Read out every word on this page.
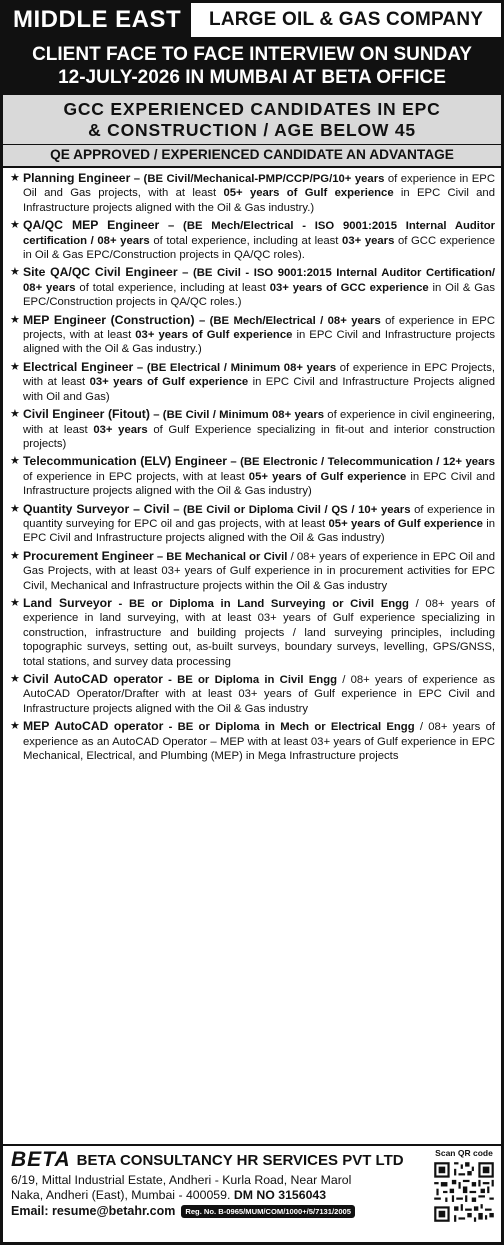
MIDDLE EAST	LARGE OIL & GAS COMPANY
CLIENT FACE TO FACE INTERVIEW ON SUNDAY
12-JULY-2026 IN MUMBAI AT BETA OFFICE
GCC EXPERIENCED CANDIDATES IN EPC
& CONSTRUCTION / AGE BELOW 45
QE APPROVED / EXPERIENCED CANDIDATE AN ADVANTAGE
★ Planning Engineer – (BE Civil/Mechanical-PMP/CCP/PG/10+ years of experience in EPC Oil and Gas projects, with at least 05+ years of Gulf experience in EPC Civil and Infrastructure projects aligned with the Oil & Gas industry.)
★ QA/QC MEP Engineer – (BE Mech/Electrical - ISO 9001:2015 Internal Auditor certification / 08+ years of total experience, including at least 03+ years of GCC experience in Oil & Gas EPC/Construction projects in QA/QC roles).
★ Site QA/QC Civil Engineer – (BE Civil - ISO 9001:2015 Internal Auditor Certification/ 08+ years of total experience, including at least 03+ years of GCC experience in Oil & Gas EPC/Construction projects in QA/QC roles.)
★ MEP Engineer (Construction) – (BE Mech/Electrical / 08+ years of experience in EPC projects, with at least 03+ years of Gulf experience in EPC Civil and Infrastructure projects aligned with the Oil & Gas industry.)
★ Electrical Engineer – (BE Electrical / Minimum 08+ years of experience in EPC Projects, with at least 03+ years of Gulf experience in EPC Civil and Infrastructure Projects aligned with Oil and Gas)
★ Civil Engineer (Fitout) – (BE Civil / Minimum 08+ years of experience in civil engineering, with at least 03+ years of Gulf Experience specializing in fit-out and interior construction projects)
★ Telecommunication (ELV) Engineer – (BE Electronic / Telecommunication / 12+ years of experience in EPC projects, with at least 05+ years of Gulf experience in EPC Civil and Infrastructure projects aligned with the Oil & Gas industry)
★ Quantity Surveyor – Civil – (BE Civil or Diploma Civil / QS / 10+ years of experience in quantity surveying for EPC oil and gas projects, with at least 05+ years of Gulf experience in EPC Civil and Infrastructure projects aligned with the Oil & Gas industry)
★ Procurement Engineer – BE Mechanical or Civil / 08+ years of experience in EPC Oil and Gas Projects, with at least 03+ years of Gulf experience in in procurement activities for EPC Civil, Mechanical and Infrastructure projects within the Oil & Gas industry
★ Land Surveyor - BE or Diploma in Land Surveying or Civil Engg / 08+ years of experience in land surveying, with at least 03+ years of Gulf experience specializing in construction, infrastructure and building projects / land surveying principles, including topographic surveys, setting out, as-built surveys, boundary surveys, levelling, GPS/GNSS, total stations, and survey data processing
★ Civil AutoCAD operator - BE or Diploma in Civil Engg / 08+ years of experience as AutoCAD Operator/Drafter with at least 03+ years of Gulf experience in EPC Civil and Infrastructure projects aligned with the Oil & Gas industry
★ MEP AutoCAD operator - BE or Diploma in Mech or Electrical Engg / 08+ years of experience as an AutoCAD Operator – MEP with at least 03+ years of Gulf experience in EPC Mechanical, Electrical, and Plumbing (MEP) in Mega Infrastructure projects
BETA BETA CONSULTANCY HR SERVICES PVT LTD
6/19, Mittal Industrial Estate, Andheri - Kurla Road, Near Marol
Naka, Andheri (East), Mumbai - 400059. DM NO 3156043
Email: resume@betahr.com	Reg. No. B-0965/MUM/COM/1000+/5/7131/2005
Scan QR code
